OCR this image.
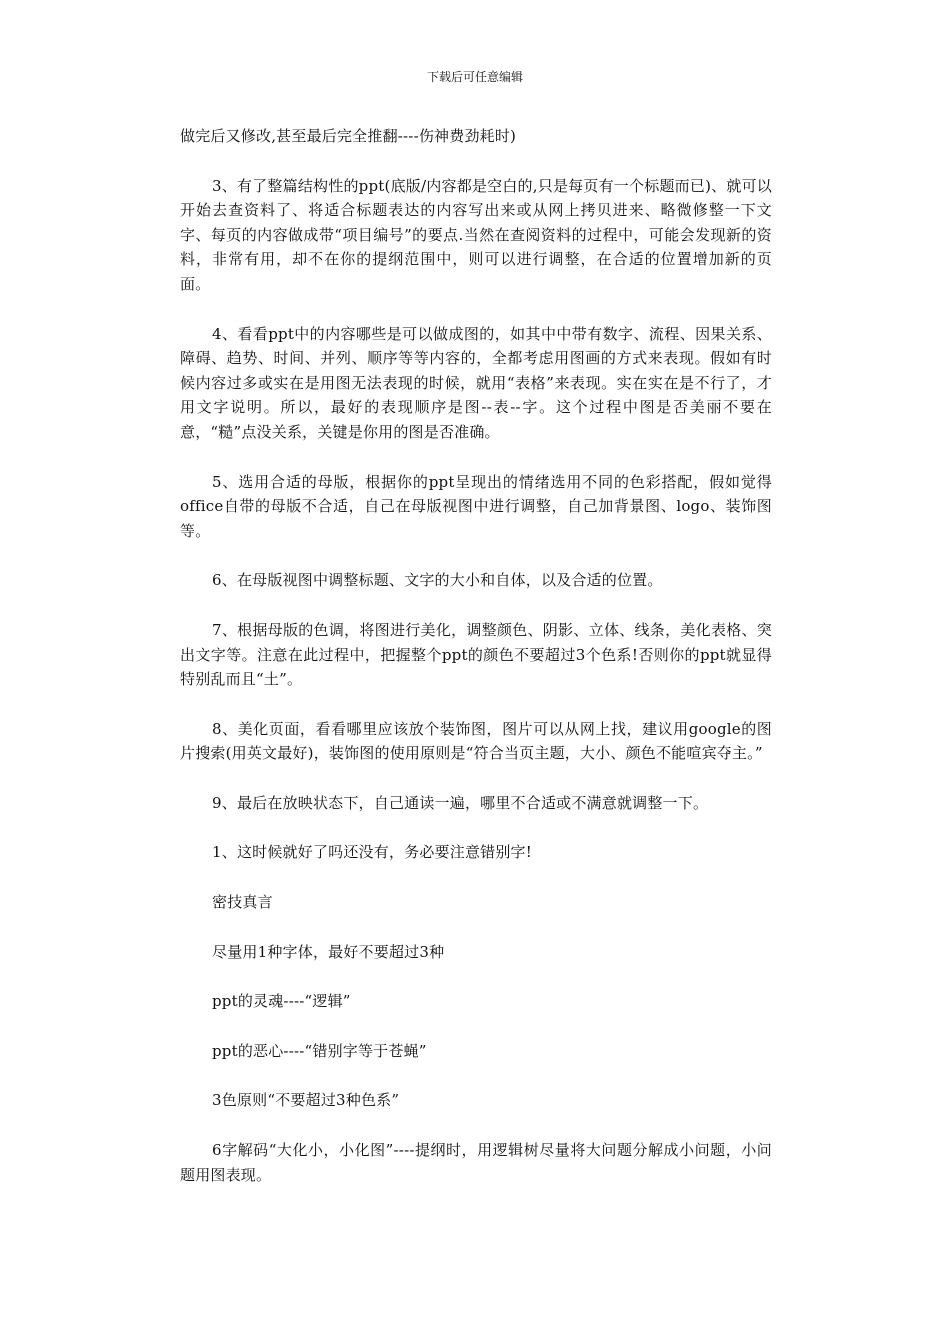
下载后可任意编辑

做完后又修改,甚至最后完全推翻----伤神费劲耗时)

3、有了整篇结构性的ppt(底版/内容都是空白的,只是每页有一个标题而已)、就可以开始去查资料了、将适合标题表达的内容写出来或从网上拷贝进来、略微修整一下文字、每页的内容做成带“项目编号”的要点.当然在查阅资料的过程中，可能会发现新的资料，非常有用，却不在你的提纲范围中，则可以进行调整，在合适的位置增加新的页面。

4、看看ppt中的内容哪些是可以做成图的，如其中中带有数字、流程、因果关系、障碍、趋势、时间、并列、顺序等等内容的，全都考虑用图画的方式来表现。假如有时候内容过多或实在是用图无法表现的时候，就用“表格”来表现。实在实在是不行了，才用文字说明。所以，最好的表现顺序是图--表--字。这个过程中图是否美丽不要在意，“糙”点没关系，关键是你用的图是否准确。

5、选用合适的母版，根据你的ppt呈现出的情绪选用不同的色彩搭配，假如觉得office自带的母版不合适，自己在母版视图中进行调整，自己加背景图、logo、装饰图等。

6、在母版视图中调整标题、文字的大小和自体，以及合适的位置。

7、根据母版的色调，将图进行美化，调整颜色、阴影、立体、线条，美化表格、突出文字等。注意在此过程中，把握整个ppt的颜色不要超过3个色系!否则你的ppt就显得特别乱而且“土”。

8、美化页面，看看哪里应该放个装饰图，图片可以从网上找，建议用google的图片搜索(用英文最好)，装饰图的使用原则是“符合当页主题，大小、颜色不能喧宾夺主。”

9、最后在放映状态下，自己通读一遍，哪里不合适或不满意就调整一下。

1、这时候就好了吗还没有，务必要注意错别字!

密技真言

尽量用1种字体，最好不要超过3种

ppt的灵魂----“逻辑”

ppt的恶心----“错别字等于苍蝇”

3色原则“不要超过3种色系”

6字解码“大化小，小化图”----提纲时，用逻辑树尽量将大问题分解成小问题，小问题用图表现。
